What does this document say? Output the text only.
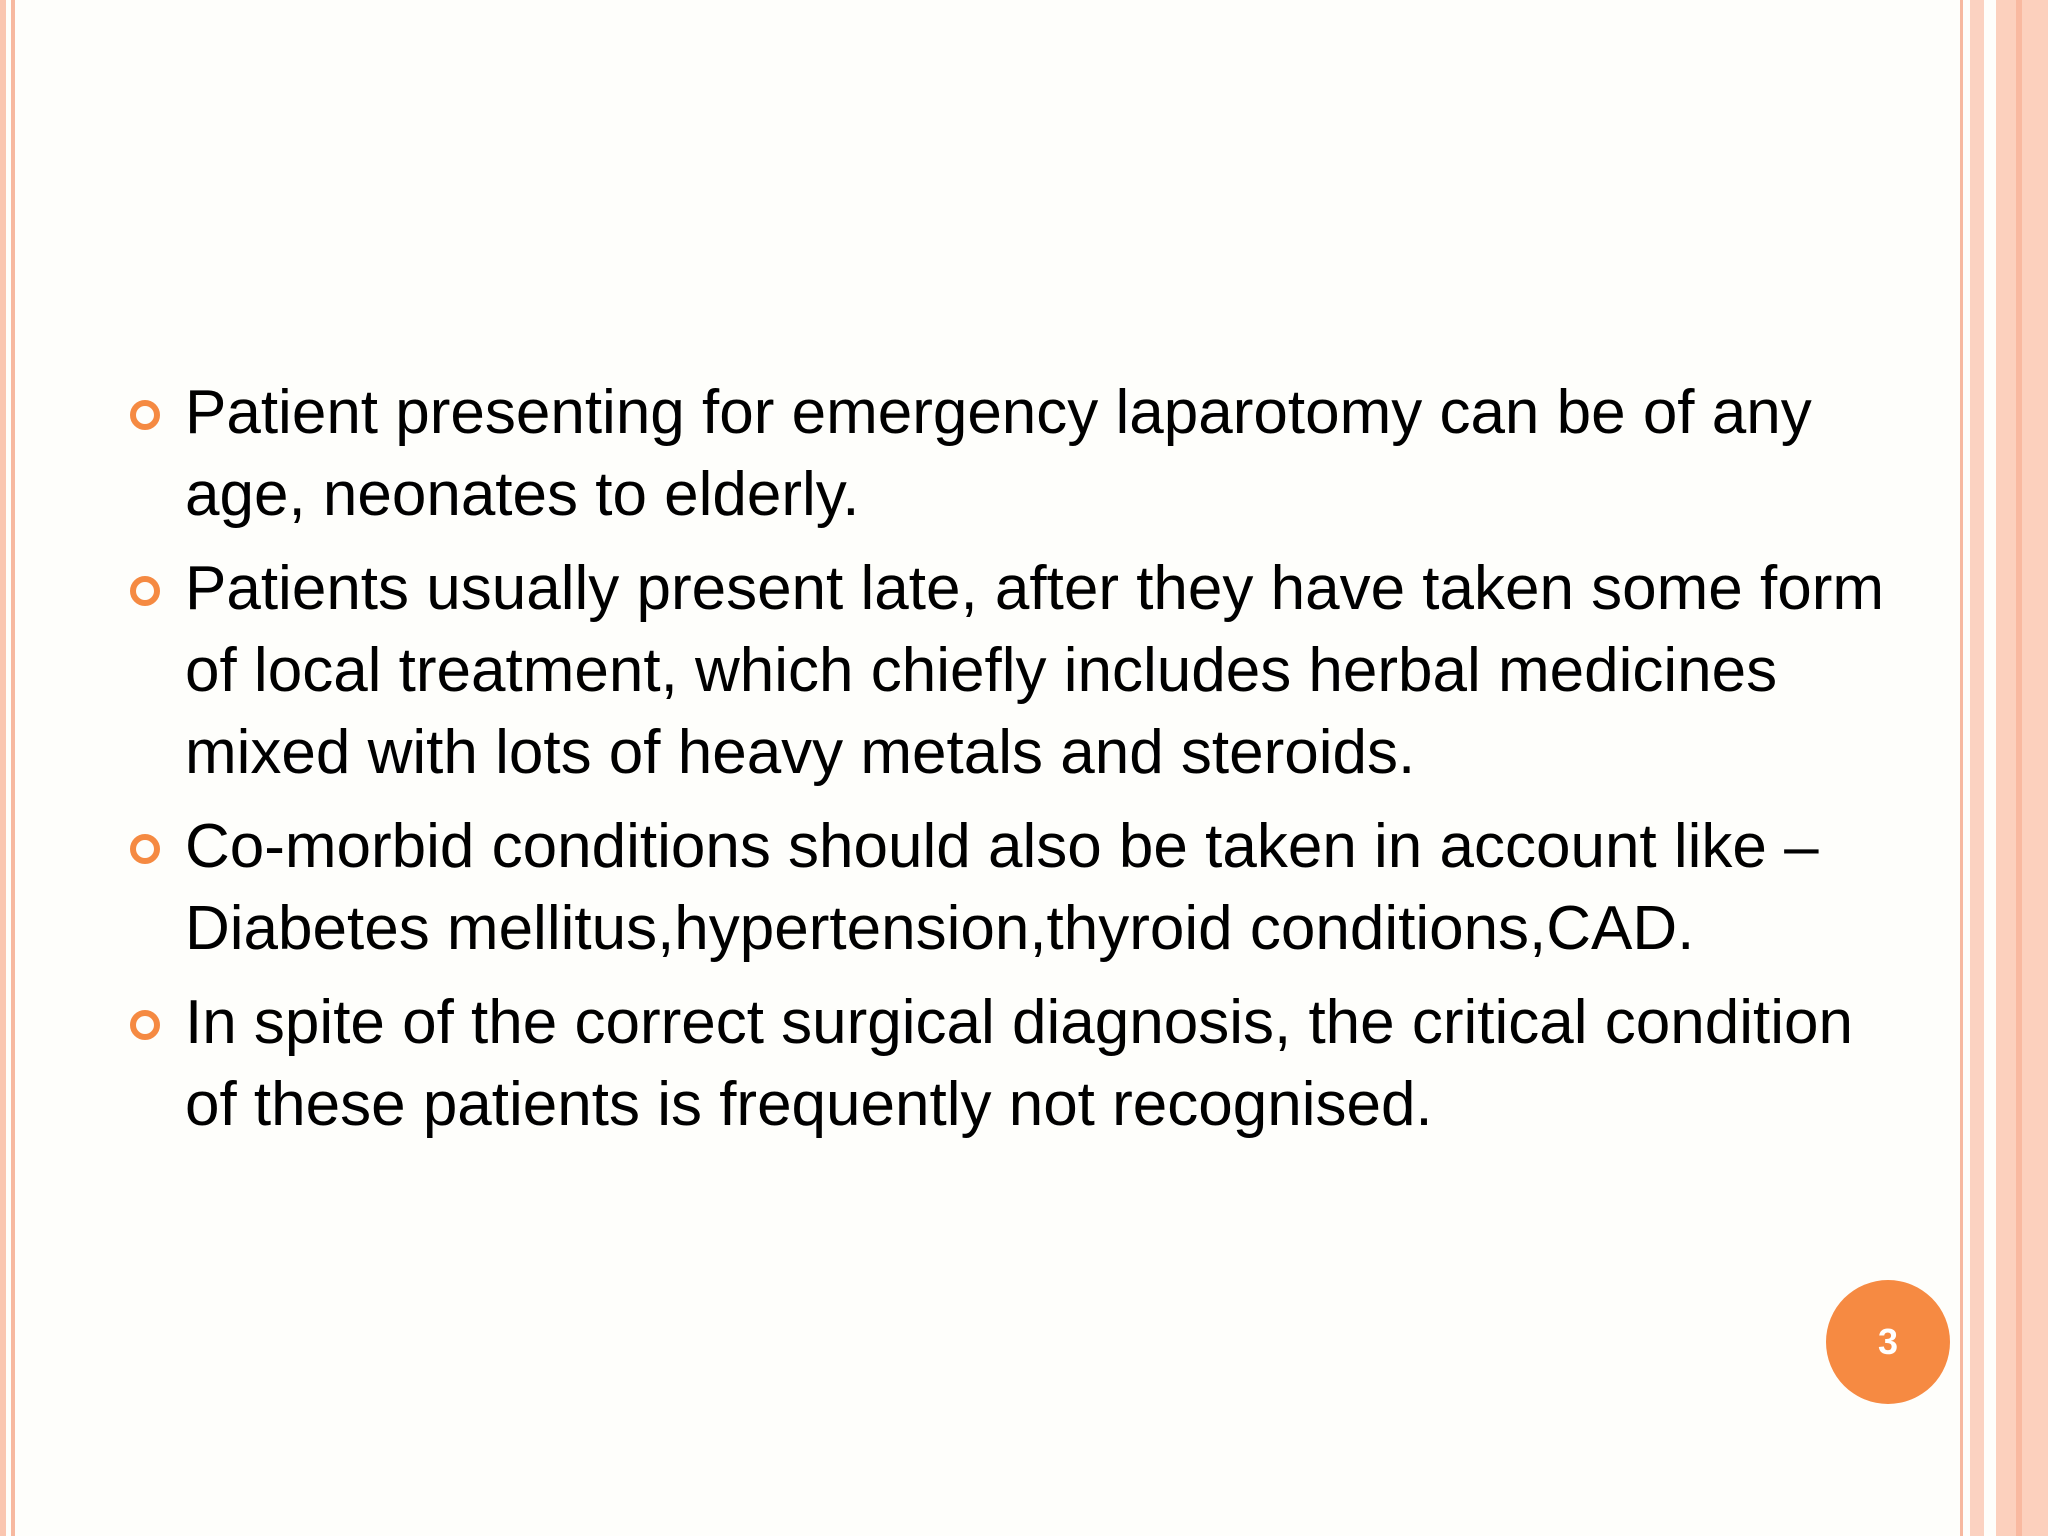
Patient presenting for emergency laparotomy can be of any age, neonates to elderly.
Patients usually present late, after they have taken some form of local treatment, which chiefly includes herbal medicines mixed with lots of heavy metals and steroids.
Co-morbid conditions should also be taken in account like – Diabetes mellitus,hypertension,thyroid conditions,CAD.
In spite of the correct surgical diagnosis, the critical condition of these patients is frequently not recognised.
3
